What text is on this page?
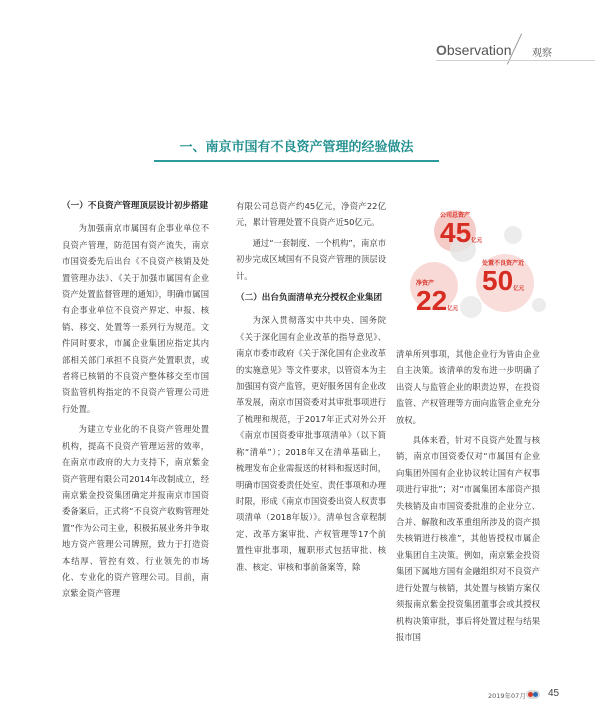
Observation 观察
一、南京市国有不良资产管理的经验做法
（一）不良资产管理顶层设计初步搭建

为加强南京市属国有企事业单位不良资产管理，防范国有资产流失，南京市国资委先后出台《不良资产核销及处置管理办法》、《关于加强市属国有企业资产处置监督管理的通知》，明确市属国有企事业单位不良资产界定、申报、核销、移交、处置等一系列行为规范。文件同时要求，市属企业集团应指定其内部相关部门承担不良资产处置职责，或者将已核销的不良资产整体移交至市国资监管机构指定的不良资产管理公司进行处置。

为建立专业化的不良资产管理处置机构，提高不良资产管理运营的效率，在南京市政府的大力支持下，南京紫金资产管理有限公司2014年改制成立，经南京紫金投资集团确定并报南京市国资委备案后，正式将“不良资产收购管理处置”作为公司主业，积极拓展业务并争取地方资产管理公司牌照，致力于打造资本结厚、管控有效、行业领先的市场化、专业化的资产管理公司。目前，南京紫金资产管理

有限公司总资产约45亿元，净资产22亿元，累计管理处置不良资产近50亿元。

通过“一套制度、一个机构”，南京市初步完成区域国有不良资产管理的顶层设计。

（二）出台负面清单充分授权企业集团

为深入贯彻落实中共中央、国务院《关于深化国有企业改革的指导意见》、南京市委市政府《关于深化国有企业改革的实施意见》等文件要求，以管资本为主加强国有资产监管，更好服务国有企业改革发展，南京市国资委对其审批事项进行了梳理和规范，于2017年正式对外公开《南京市国资委审批事项清单》（以下简称“清单”）；2018年又在清单基础上，梳理发布企业需报送的材料和报送时间，明确市国资委责任处室、责任事项和办理时限，形成《南京市国资委出资人权责事项清单（2018年版）》。清单包含章程制定、改革方案审批、产权管理等17个前置性审批事项，履职形式包括审批、核准、核定、审核和事前备案等，除

公司总资产
45亿元
处置不良资产近
50亿元
净资产
22亿元

清单所列事项，其他企业行为皆由企业自主决策。该清单的发布进一步明确了出资人与监管企业的职责边界，在投资监管、产权管理等方面向监管企业充分放权。

具体来看，针对不良资产处置与核销，南京市国资委仅对“市属国有企业向集团外国有企业协议转让国有产权事项进行审批”；对“市属集团本部资产损失核销及由市国资委批准的企业分立、合并、解散和改革重组所涉及的资产损失核销进行核准”，其他皆授权市属企业集团自主决策。例如，南京紫金投资集团下属地方国有金融组织对不良资产进行处置与核销，其处置与核销方案仅须报南京紫金投资集团董事会或其授权机构决策审批，事后将处置过程与结果报市国

2019年07月 45
